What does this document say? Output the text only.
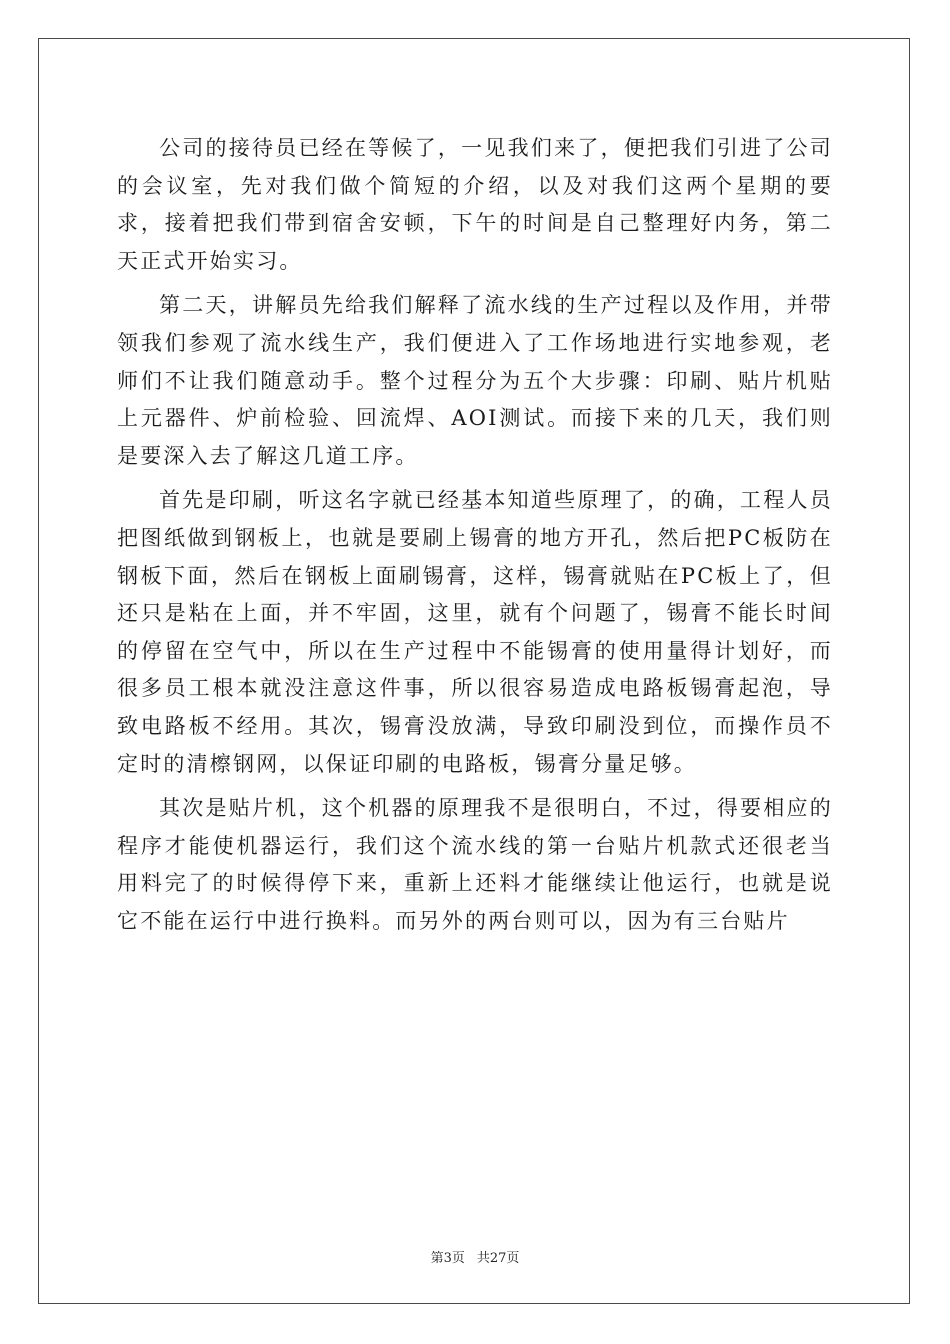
公司的接待员已经在等候了，一见我们来了，便把我们引进了公司的会议室，先对我们做个简短的介绍，以及对我们这两个星期的要求，接着把我们带到宿舍安顿，下午的时间是自己整理好内务，第二天正式开始实习。

第二天，讲解员先给我们解释了流水线的生产过程以及作用，并带领我们参观了流水线生产，我们便进入了工作场地进行实地参观，老师们不让我们随意动手。整个过程分为五个大步骤：印刷、贴片机贴上元器件、炉前检验、回流焊、AOI测试。而接下来的几天，我们则是要深入去了解这几道工序。

首先是印刷，听这名字就已经基本知道些原理了，的确，工程人员把图纸做到钢板上，也就是要刷上锡膏的地方开孔，然后把PC板防在钢板下面，然后在钢板上面刷锡膏，这样，锡膏就贴在PC板上了，但还只是粘在上面，并不牢固，这里，就有个问题了，锡膏不能长时间的停留在空气中，所以在生产过程中不能锡膏的使用量得计划好，而很多员工根本就没注意这件事，所以很容易造成电路板锡膏起泡，导致电路板不经用。其次，锡膏没放满，导致印刷没到位，而操作员不定时的清檫钢网，以保证印刷的电路板，锡膏分量足够。

其次是贴片机，这个机器的原理我不是很明白，不过，得要相应的程序才能使机器运行，我们这个流水线的第一台贴片机款式还很老当用料完了的时候得停下来，重新上还料才能继续让他运行，也就是说它不能在运行中进行换料。而另外的两台则可以，因为有三台贴片

第3页 共27页
